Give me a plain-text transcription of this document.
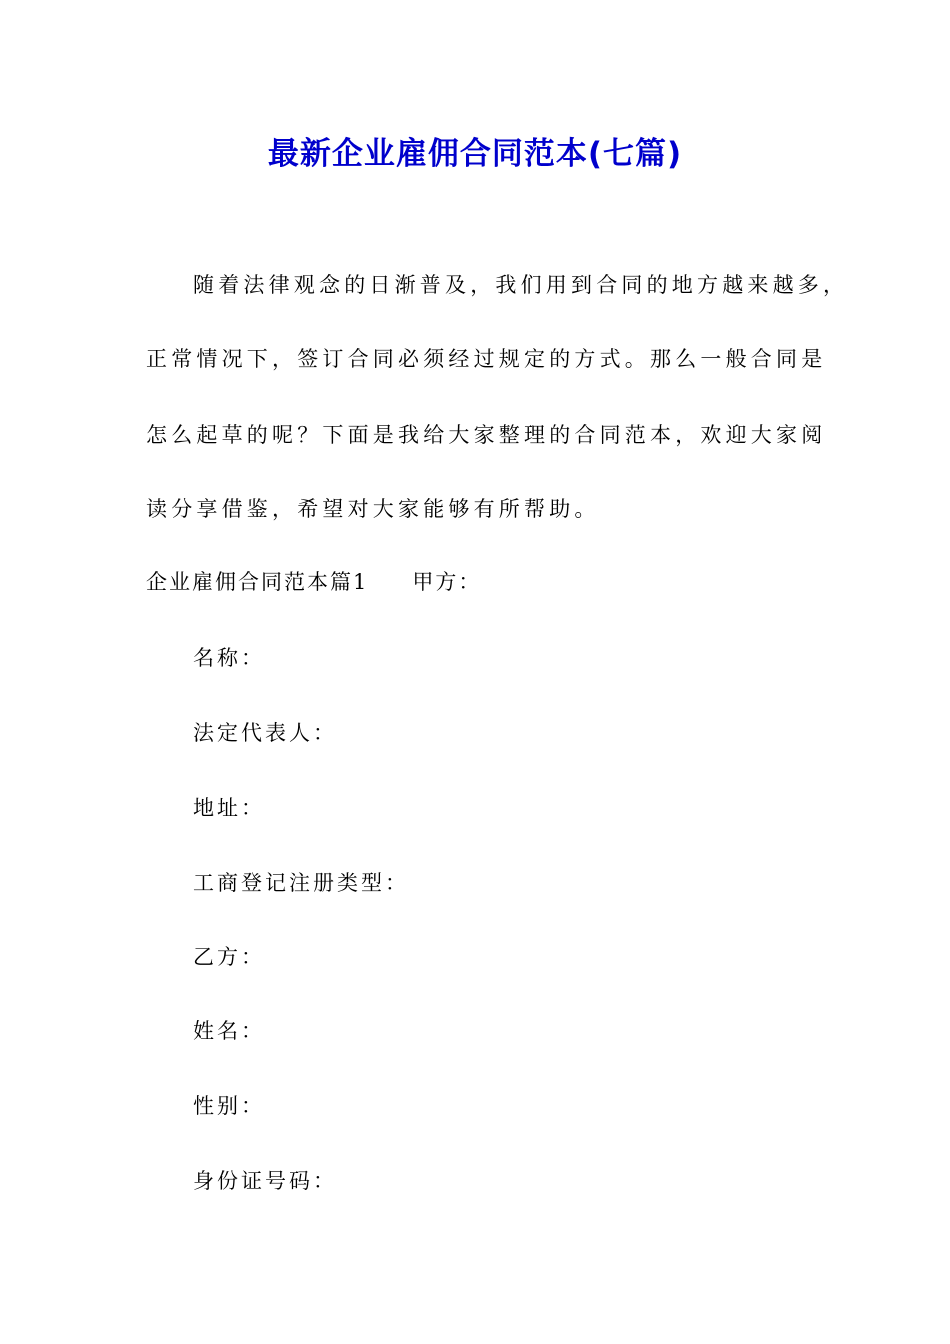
最新企业雇佣合同范本(七篇)
随着法律观念的日渐普及，我们用到合同的地方越来越多，
正常情况下，签订合同必须经过规定的方式。那么一般合同是
怎么起草的呢？下面是我给大家整理的合同范本，欢迎大家阅
读分享借鉴，希望对大家能够有所帮助。
企业雇佣合同范本篇1 甲方：
名称：
法定代表人：
地址：
工商登记注册类型：
乙方：
姓名：
性别：
身份证号码：
